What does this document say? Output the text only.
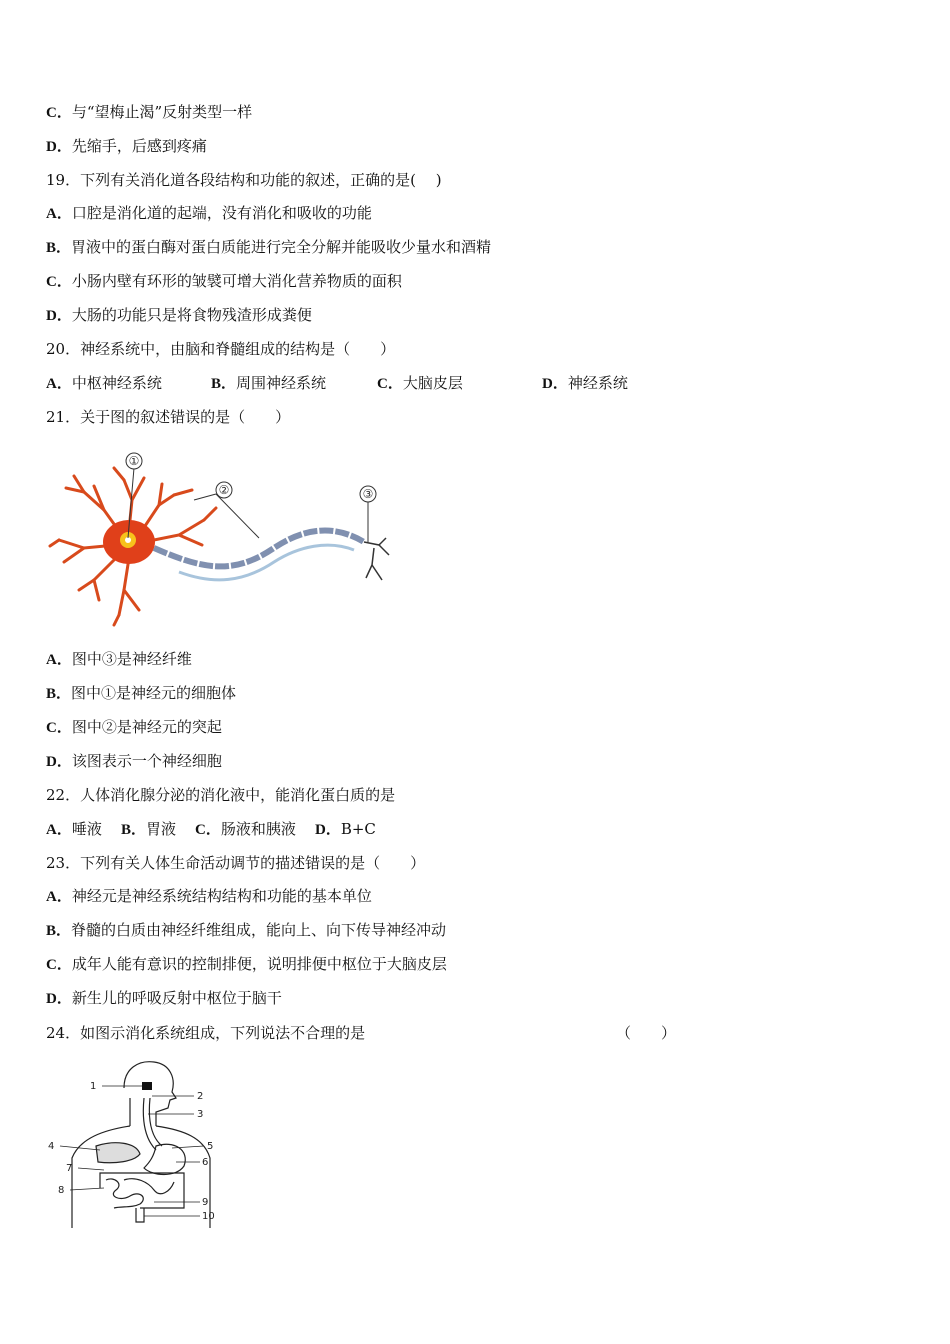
C．与“望梅止渴”反射类型一样
D．先缩手，后感到疼痛
19．下列有关消化道各段结构和功能的叙述，正确的是(　 )
A．口腔是消化道的起端，没有消化和吸收的功能
B．胃液中的蛋白酶对蛋白质能进行完全分解并能吸收少量水和酒精
C．小肠内壁有环形的皱襞可增大消化营养物质的面积
D．大肠的功能只是将食物残渣形成粪便
20．神经系统中，由脑和脊髓组成的结构是（　　）
A．中枢神经系统	B．周围神经系统	C．大脑皮层	D．神经系统
21．关于图的叙述错误的是（　　）
①
②	③
A．图中③是神经纤维
B．图中①是神经元的细胞体
C．图中②是神经元的突起
D．该图表示一个神经细胞
22．人体消化腺分泌的消化液中，能消化蛋白质的是
A．唾液 B．胃液 C．肠液和胰液 D．B+C
23．下列有关人体生命活动调节的描述错误的是（　　）
A．神经元是神经系统结构结构和功能的基本单位
B．脊髓的白质由神经纤维组成，能向上、向下传导神经冲动
C．成年人能有意识的控制排便，说明排便中枢位于大脑皮层
D．新生儿的呼吸反射中枢位于脑干
24．如图示消化系统组成，下列说法不合理的是	（　　）
1
2
3
4	5
6
7
8
9
10
